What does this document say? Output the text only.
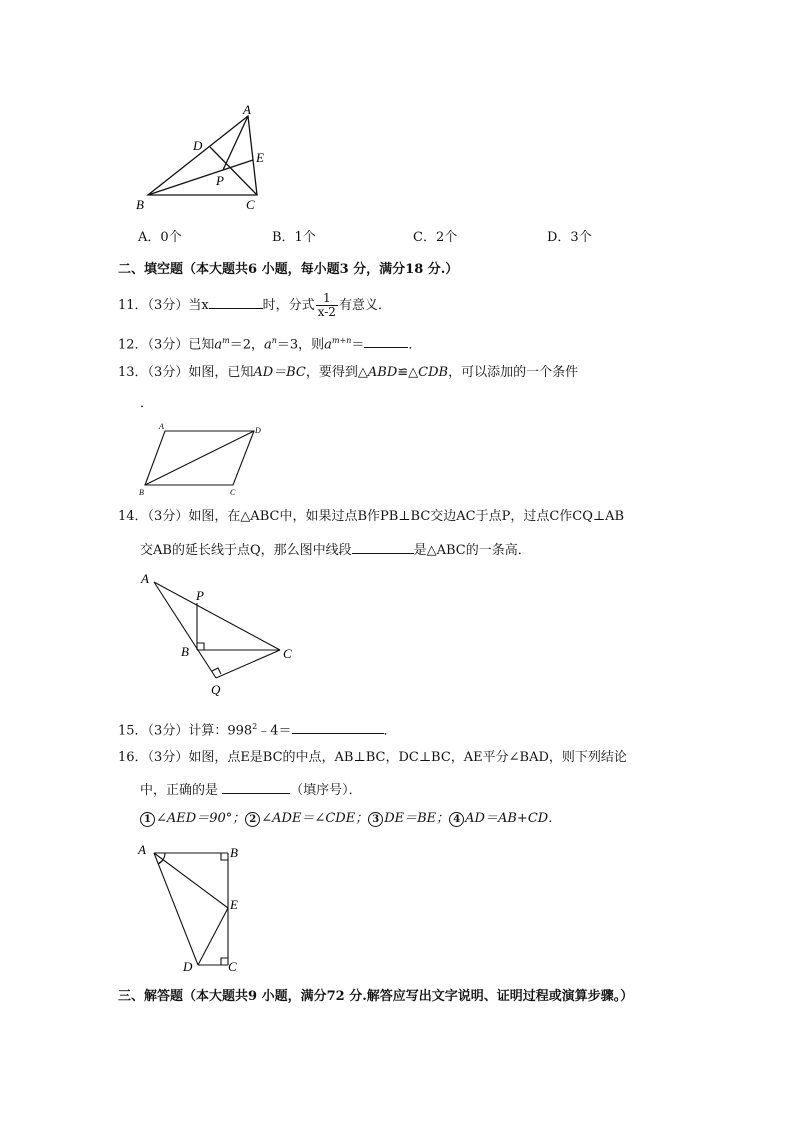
A
B	C
D
E
P
A．0个	B．1个	C．2个	D．3个
二、填空题（本大题共6 小题，每小题3 分，满分18 分.）
11．（3分）当x	时，分式 $\frac{1}{x-2}$ 有意义．
12．（3分）已知$a^m=2$，$a^n=3$，则$a^{m+n}=$	．
13．（3分）如图，已知AD＝BC，要得到△ABD≌△CDB，可以添加的一个条件
．
A	D
B	C
14．（3分）如图，在△ABC中，如果过点B作PB⊥BC交边AC于点P，过点C作CQ⊥AB
交AB的延长线于点Q，那么图中线段	是△ABC的一条高．
A
P
B	C
Q
15．（3分）计算：$998^2﹣4=$	．
16．（3分）如图，点E是BC的中点，AB⊥BC，DC⊥BC，AE平分∠BAD，则下列结论
中，正确的是	（填序号）．
1 ∠AED＝90°； 2 ∠ADE＝∠CDE； 3 DE＝BE； 4 AD＝AB+CD．
A	B
E
D	C
三、解答题（本大题共9 小题，满分72 分.解答应写出文字说明、证明过程或演算步骤。）
